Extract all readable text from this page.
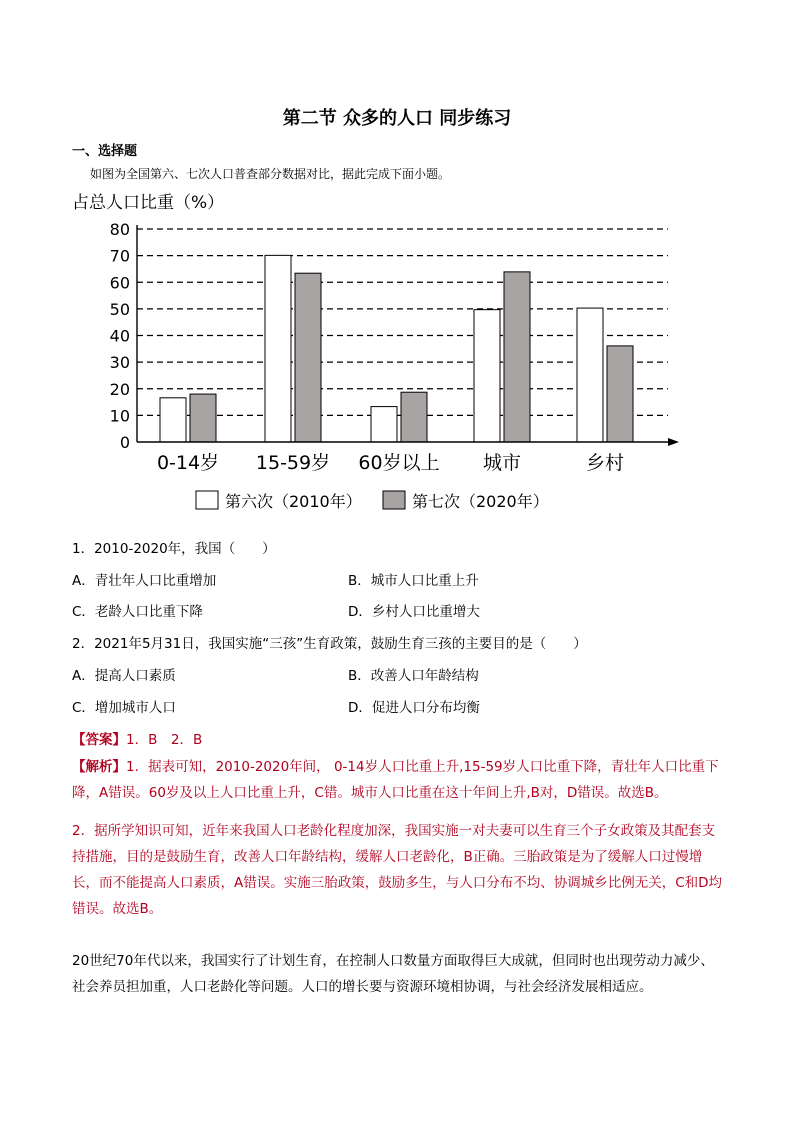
第二节 众多的人口 同步练习
一、选择题
如图为全国第六、七次人口普查部分数据对比，据此完成下面小题。
占总人口比重（%）
0
10
20
30
40
50
60
70
80
0-14岁 15-59岁 60岁以上 城市	乡村
第六次（2010年）	第七次（2020年）
1．2010-2020年，我国（　　）
A．青壮年人口比重增加	B．城市人口比重上升
C．老龄人口比重下降	D．乡村人口比重增大
2．2021年5月31日，我国实施“三孩”生育政策，鼓励生育三孩的主要目的是（　　）
A．提高人口素质	B．改善人口年龄结构
C．增加城市人口	D．促进人口分布均衡
【答案】1．B　2．B
【解析】1．据表可知，2010-2020年间， 0-14岁人口比重上升,15-59岁人口比重下降，青壮年人口比重下降，A错误。60岁及以上人口比重上升，C错。城市人口比重在这十年间上升,B对，D错误。故选B。
2．据所学知识可知，近年来我国人口老龄化程度加深，我国实施一对夫妻可以生育三个子女政策及其配套支持措施，目的是鼓励生育，改善人口年龄结构，缓解人口老龄化，B正确。三胎政策是为了缓解人口过慢增长，而不能提高人口素质，A错误。实施三胎政策，鼓励多生，与人口分布不均、协调城乡比例无关，C和D均错误。故选B。
20世纪70年代以来，我国实行了计划生育，在控制人口数量方面取得巨大成就，但同时也出现劳动力减少、社会养员担加重，人口老龄化等问题。人口的增长要与资源环境相协调，与社会经济发展相适应。
